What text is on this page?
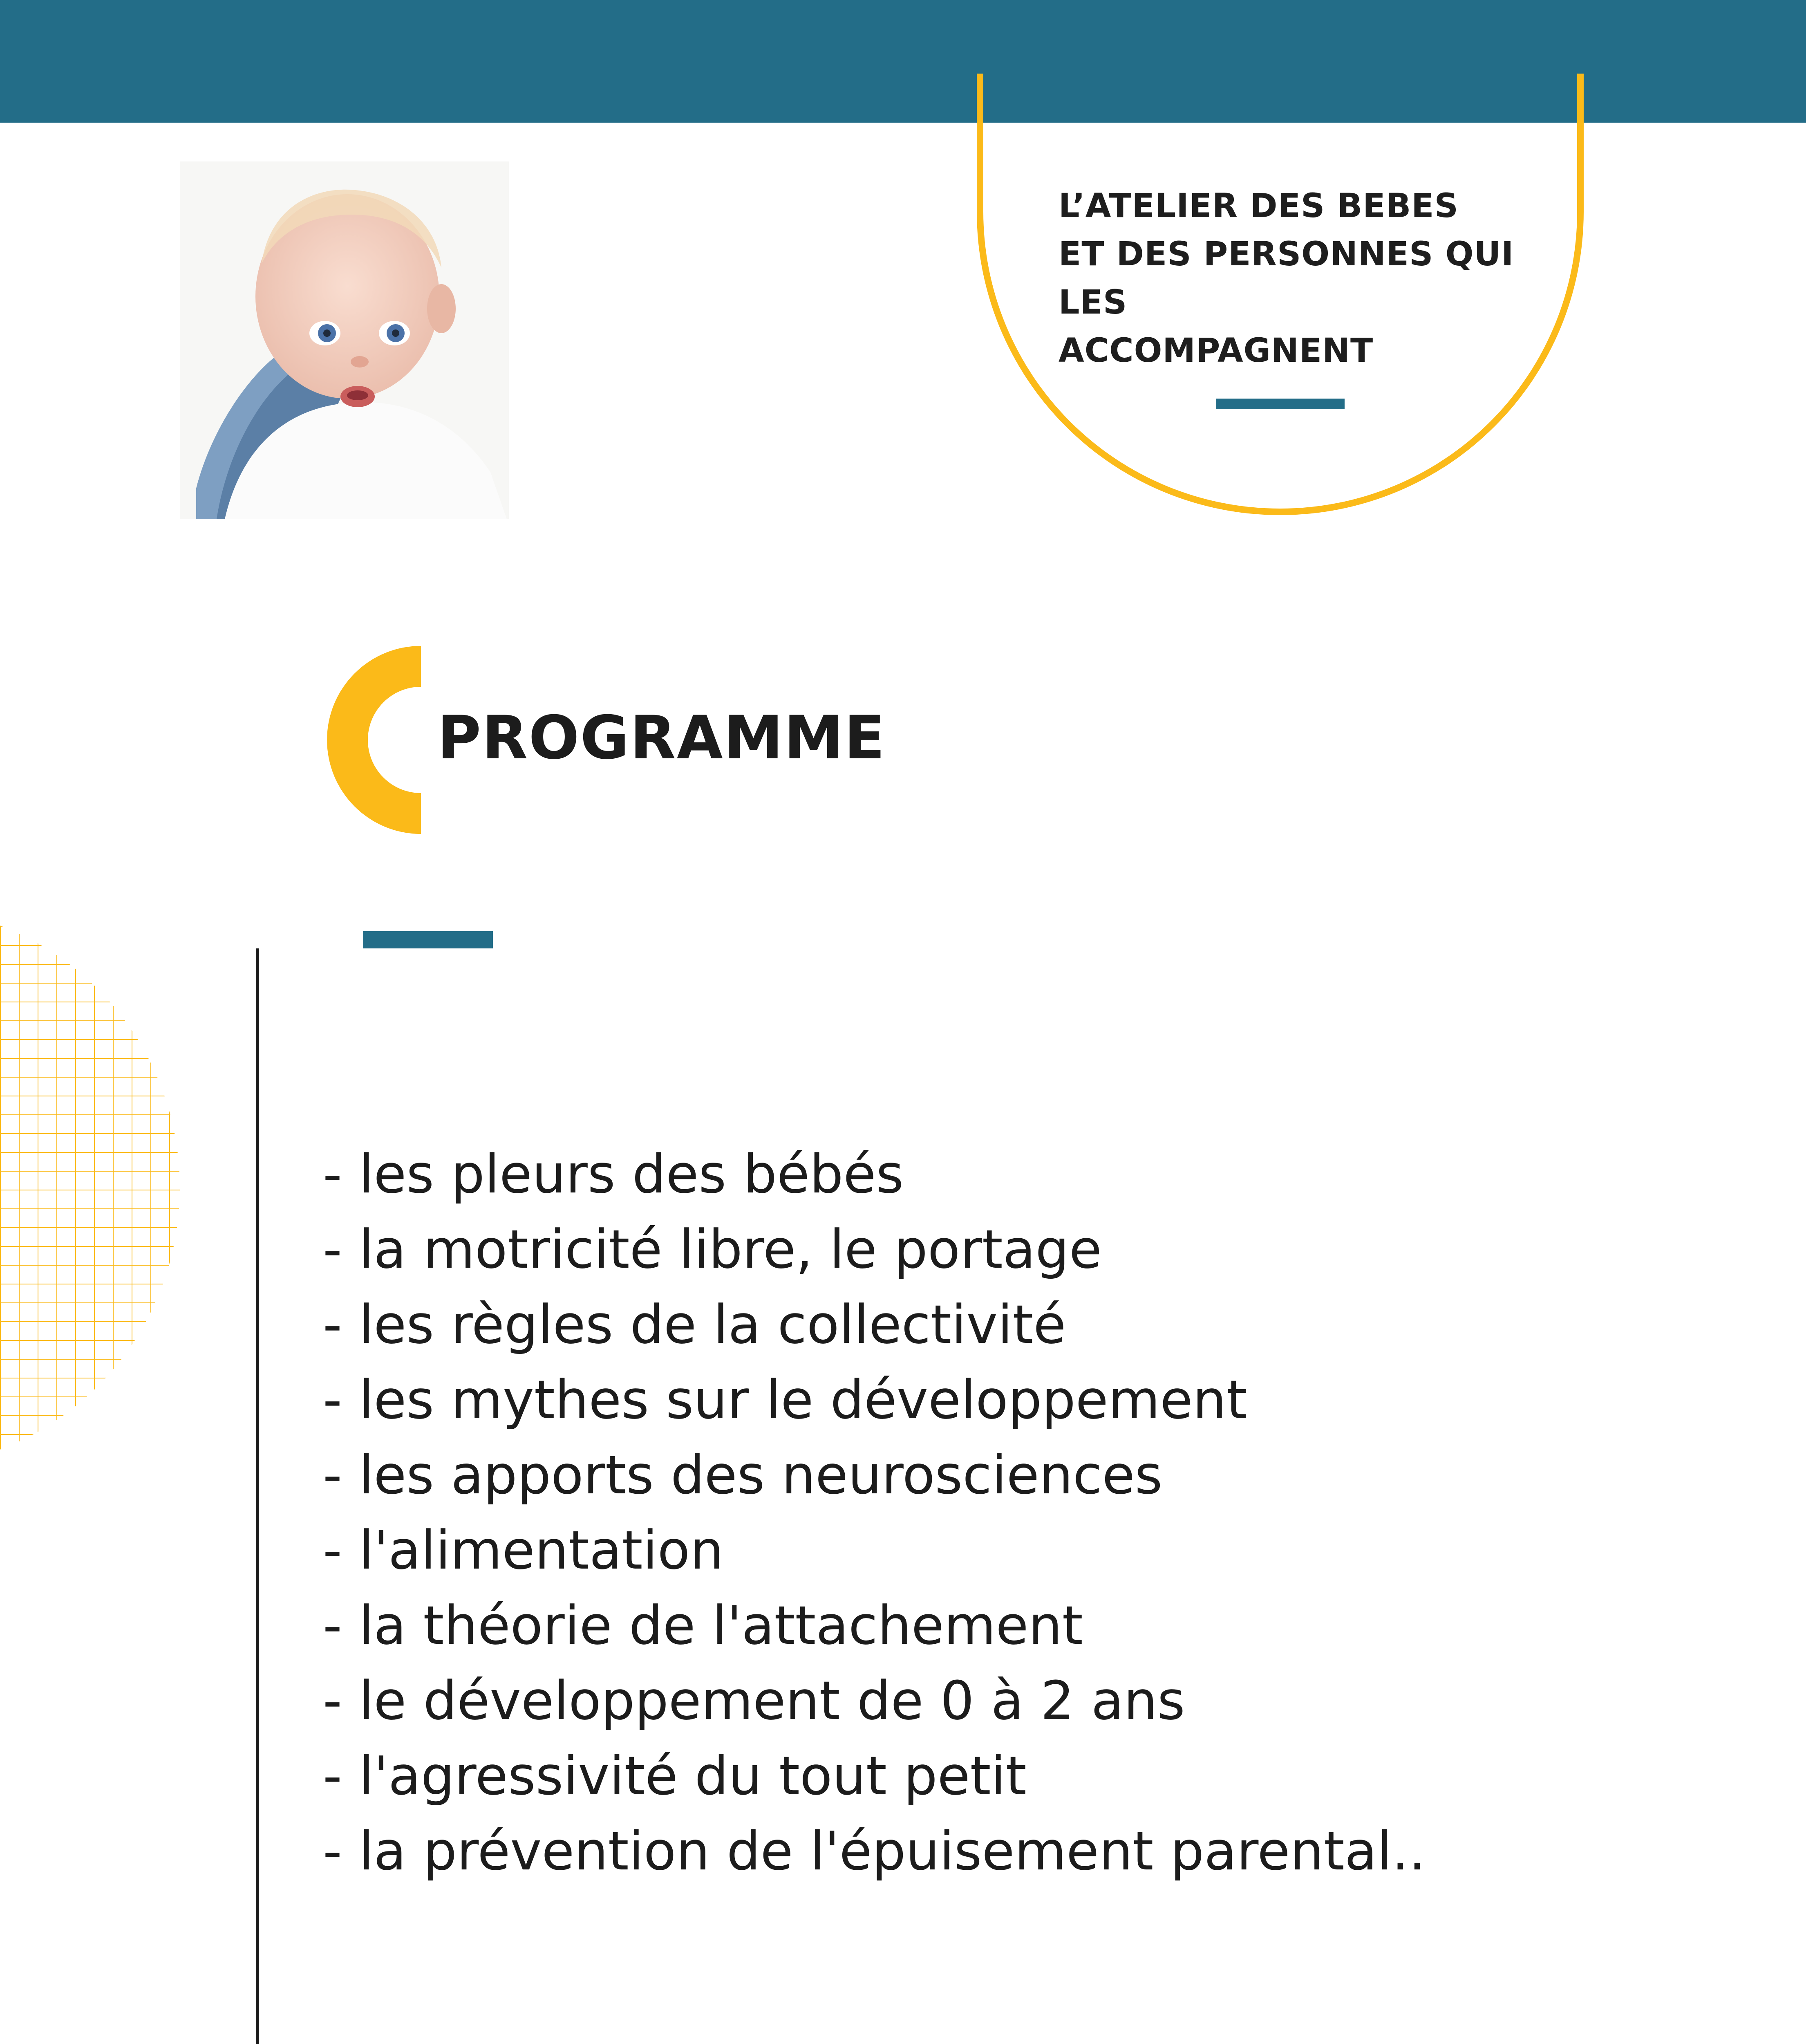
L’ATELIER DES BEBES
ET DES PERSONNES QUI
LES
ACCOMPAGNENT
PROGRAMME
- les pleurs des bébés
- la motricité libre, le portage
- les règles de la collectivité
- les mythes sur le développement
- les apports des neurosciences
- l'alimentation
- la théorie de l'attachement
- le développement de 0 à 2 ans
- l'agressivité du tout petit
- la prévention de l'épuisement parental..
